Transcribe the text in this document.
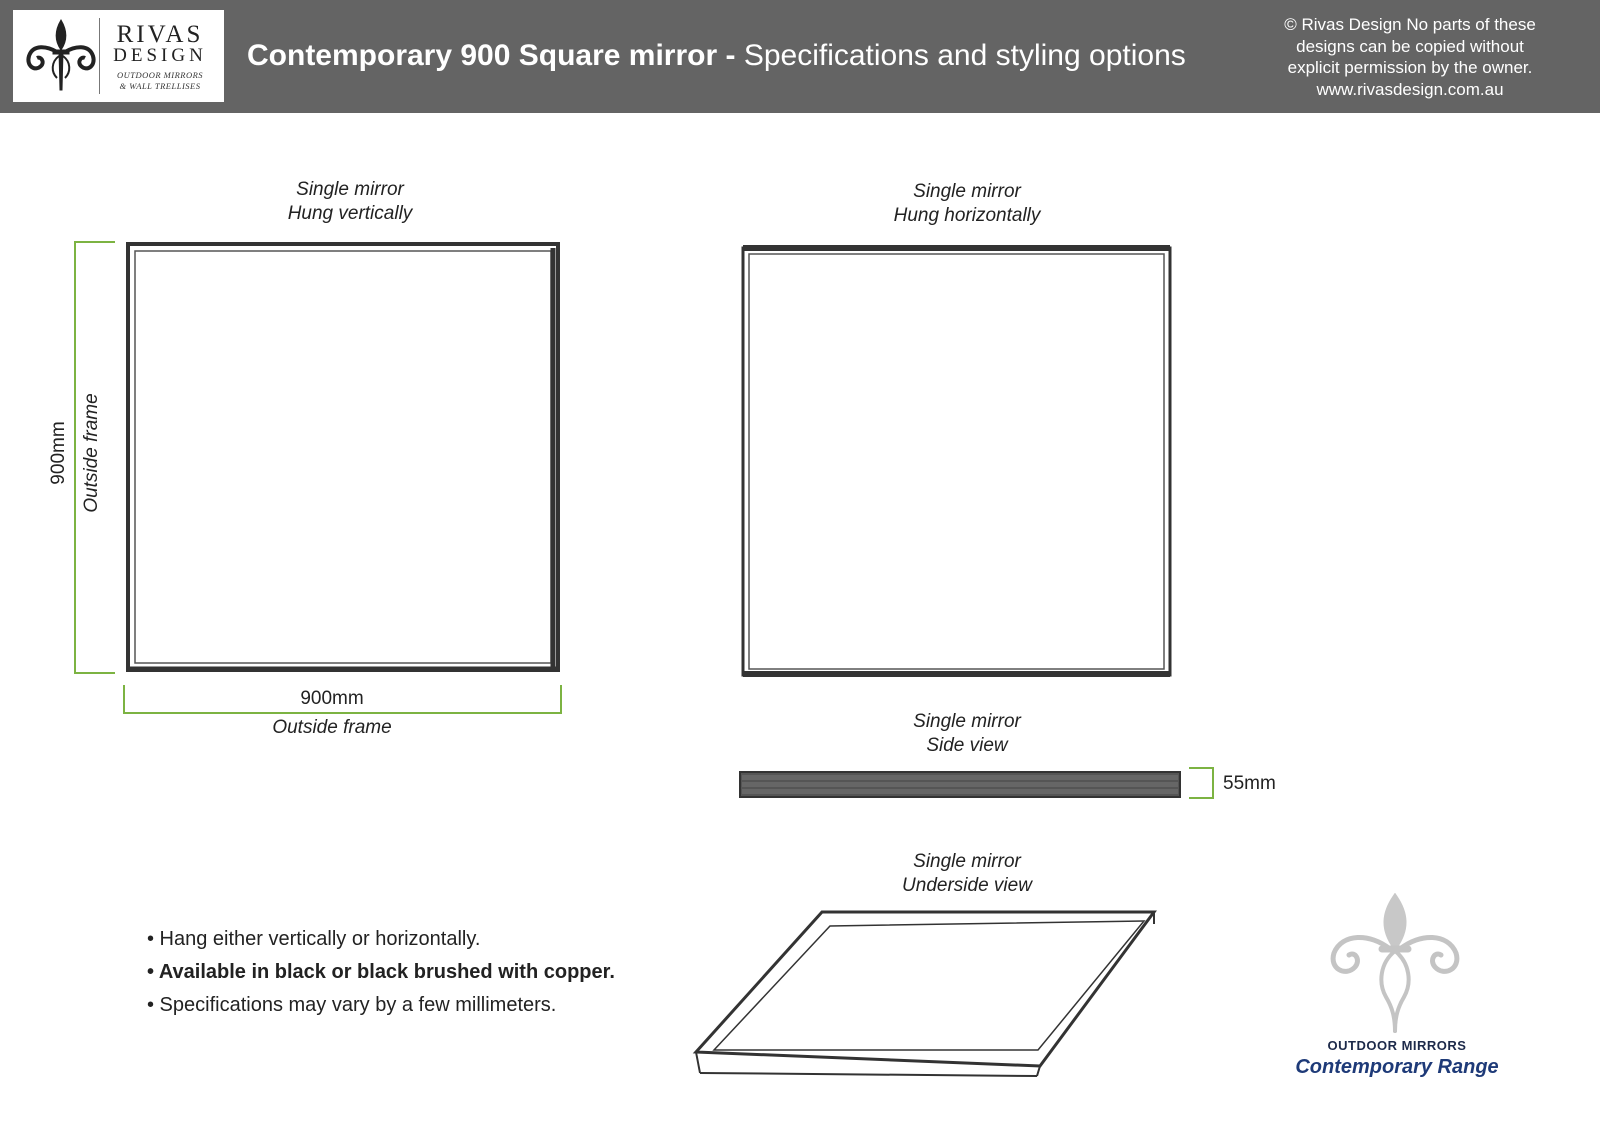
RIVAS
DESIGN
OUTDOOR MIRRORS
& WALL TRELLISES
Contemporary 900 Square mirror - Specifications and styling options
© Rivas Design No parts of these
designs can be copied without
explicit permission by the owner.
www.rivasdesign.com.au
Single mirror
Hung vertically
Single mirror
Hung horizontally
Single mirror
Side view
Single mirror
Underside view
900mm Outside frame
900mm
Outside frame
55mm
• Hang either vertically or horizontally.
• Available in black or black brushed with copper.
• Specifications may vary by a few millimeters.
OUTDOOR MIRRORS
Contemporary Range
